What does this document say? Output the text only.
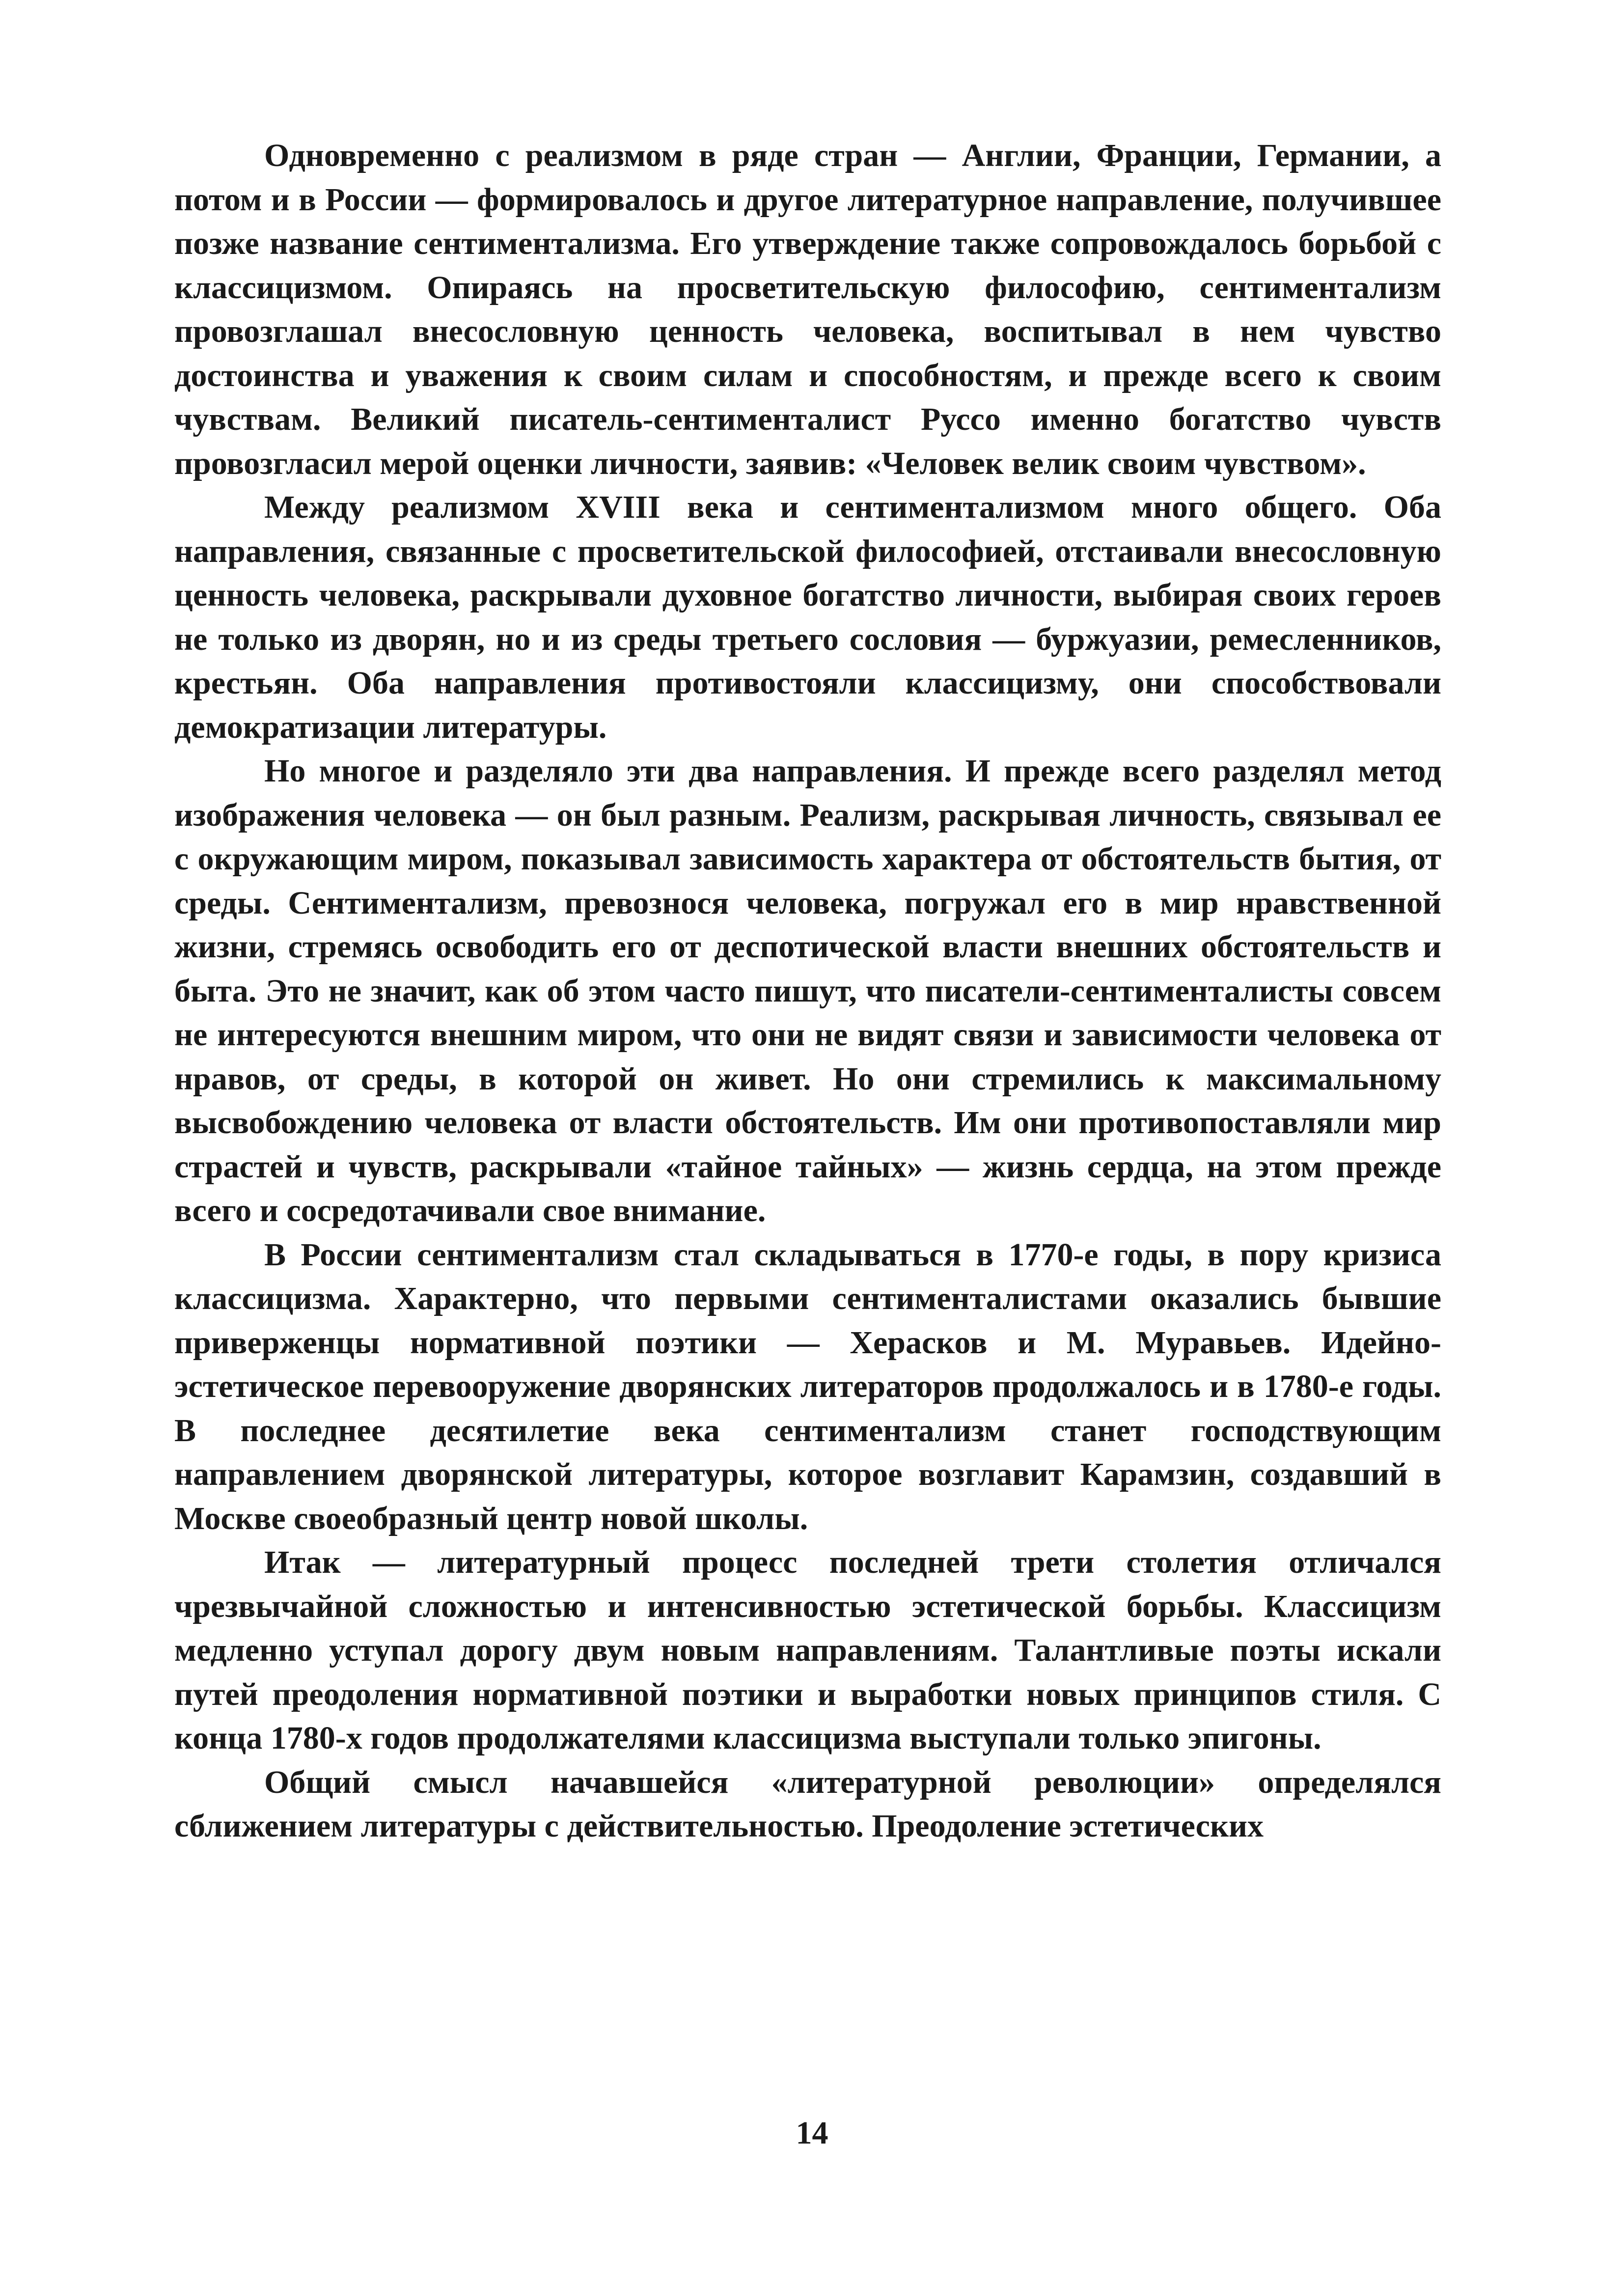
Одновременно с реализмом в ряде стран — Англии, Франции, Германии, а потом и в России — формировалось и другое литературное направление, получившее позже название сентиментализма. Его утверждение также сопровождалось борьбой с классицизмом. Опираясь на просветительскую философию, сентиментализм провозглашал внесословную ценность человека, воспитывал в нем чувство достоинства и уважения к своим силам и способностям, и прежде всего к своим чувствам. Великий писатель-сентименталист Руссо именно богатство чувств провозгласил мерой оценки личности, заявив: «Человек велик своим чувством».

Между реализмом XVIII века и сентиментализмом много общего. Оба направления, связанные с просветительской философией, отстаивали внесословную ценность человека, раскрывали духовное богатство личности, выбирая своих героев не только из дворян, но и из среды третьего сословия — буржуазии, ремесленников, крестьян. Оба направления противостояли классицизму, они способствовали демократизации литературы.

Но многое и разделяло эти два направления. И прежде всего разделял метод изображения человека — он был разным. Реализм, раскрывая личность, связывал ее с окружающим миром, показывал зависимость характера от обстоятельств бытия, от среды. Сентиментализм, превознося человека, погружал его в мир нравственной жизни, стремясь освободить его от деспотической власти внешних обстоятельств и быта. Это не значит, как об этом часто пишут, что писатели-сентименталисты совсем не интересуются внешним миром, что они не видят связи и зависимости человека от нравов, от среды, в которой он живет. Но они стремились к максимальному высвобождению человека от власти обстоятельств. Им они противопоставляли мир страстей и чувств, раскрывали «тайное тайных» — жизнь сердца, на этом прежде всего и сосредотачивали свое внимание.

В России сентиментализм стал складываться в 1770-е годы, в пору кризиса классицизма. Характерно, что первыми сентименталистами оказались бывшие приверженцы нормативной поэтики — Херасков и М. Муравьев. Идейно-эстетическое перевооружение дворянских литераторов продолжалось и в 1780-е годы. В последнее десятилетие века сентиментализм станет господствующим направлением дворянской литературы, которое возглавит Карамзин, создавший в Москве своеобразный центр новой школы.

Итак — литературный процесс последней трети столетия отличался чрезвычайной сложностью и интенсивностью эстетической борьбы. Классицизм медленно уступал дорогу двум новым направлениям. Талантливые поэты искали путей преодоления нормативной поэтики и выработки новых принципов стиля. С конца 1780-х годов продолжателями классицизма выступали только эпигоны.

Общий смысл начавшейся «литературной революции» определялся сближением литературы с действительностью. Преодоление эстетических

14
